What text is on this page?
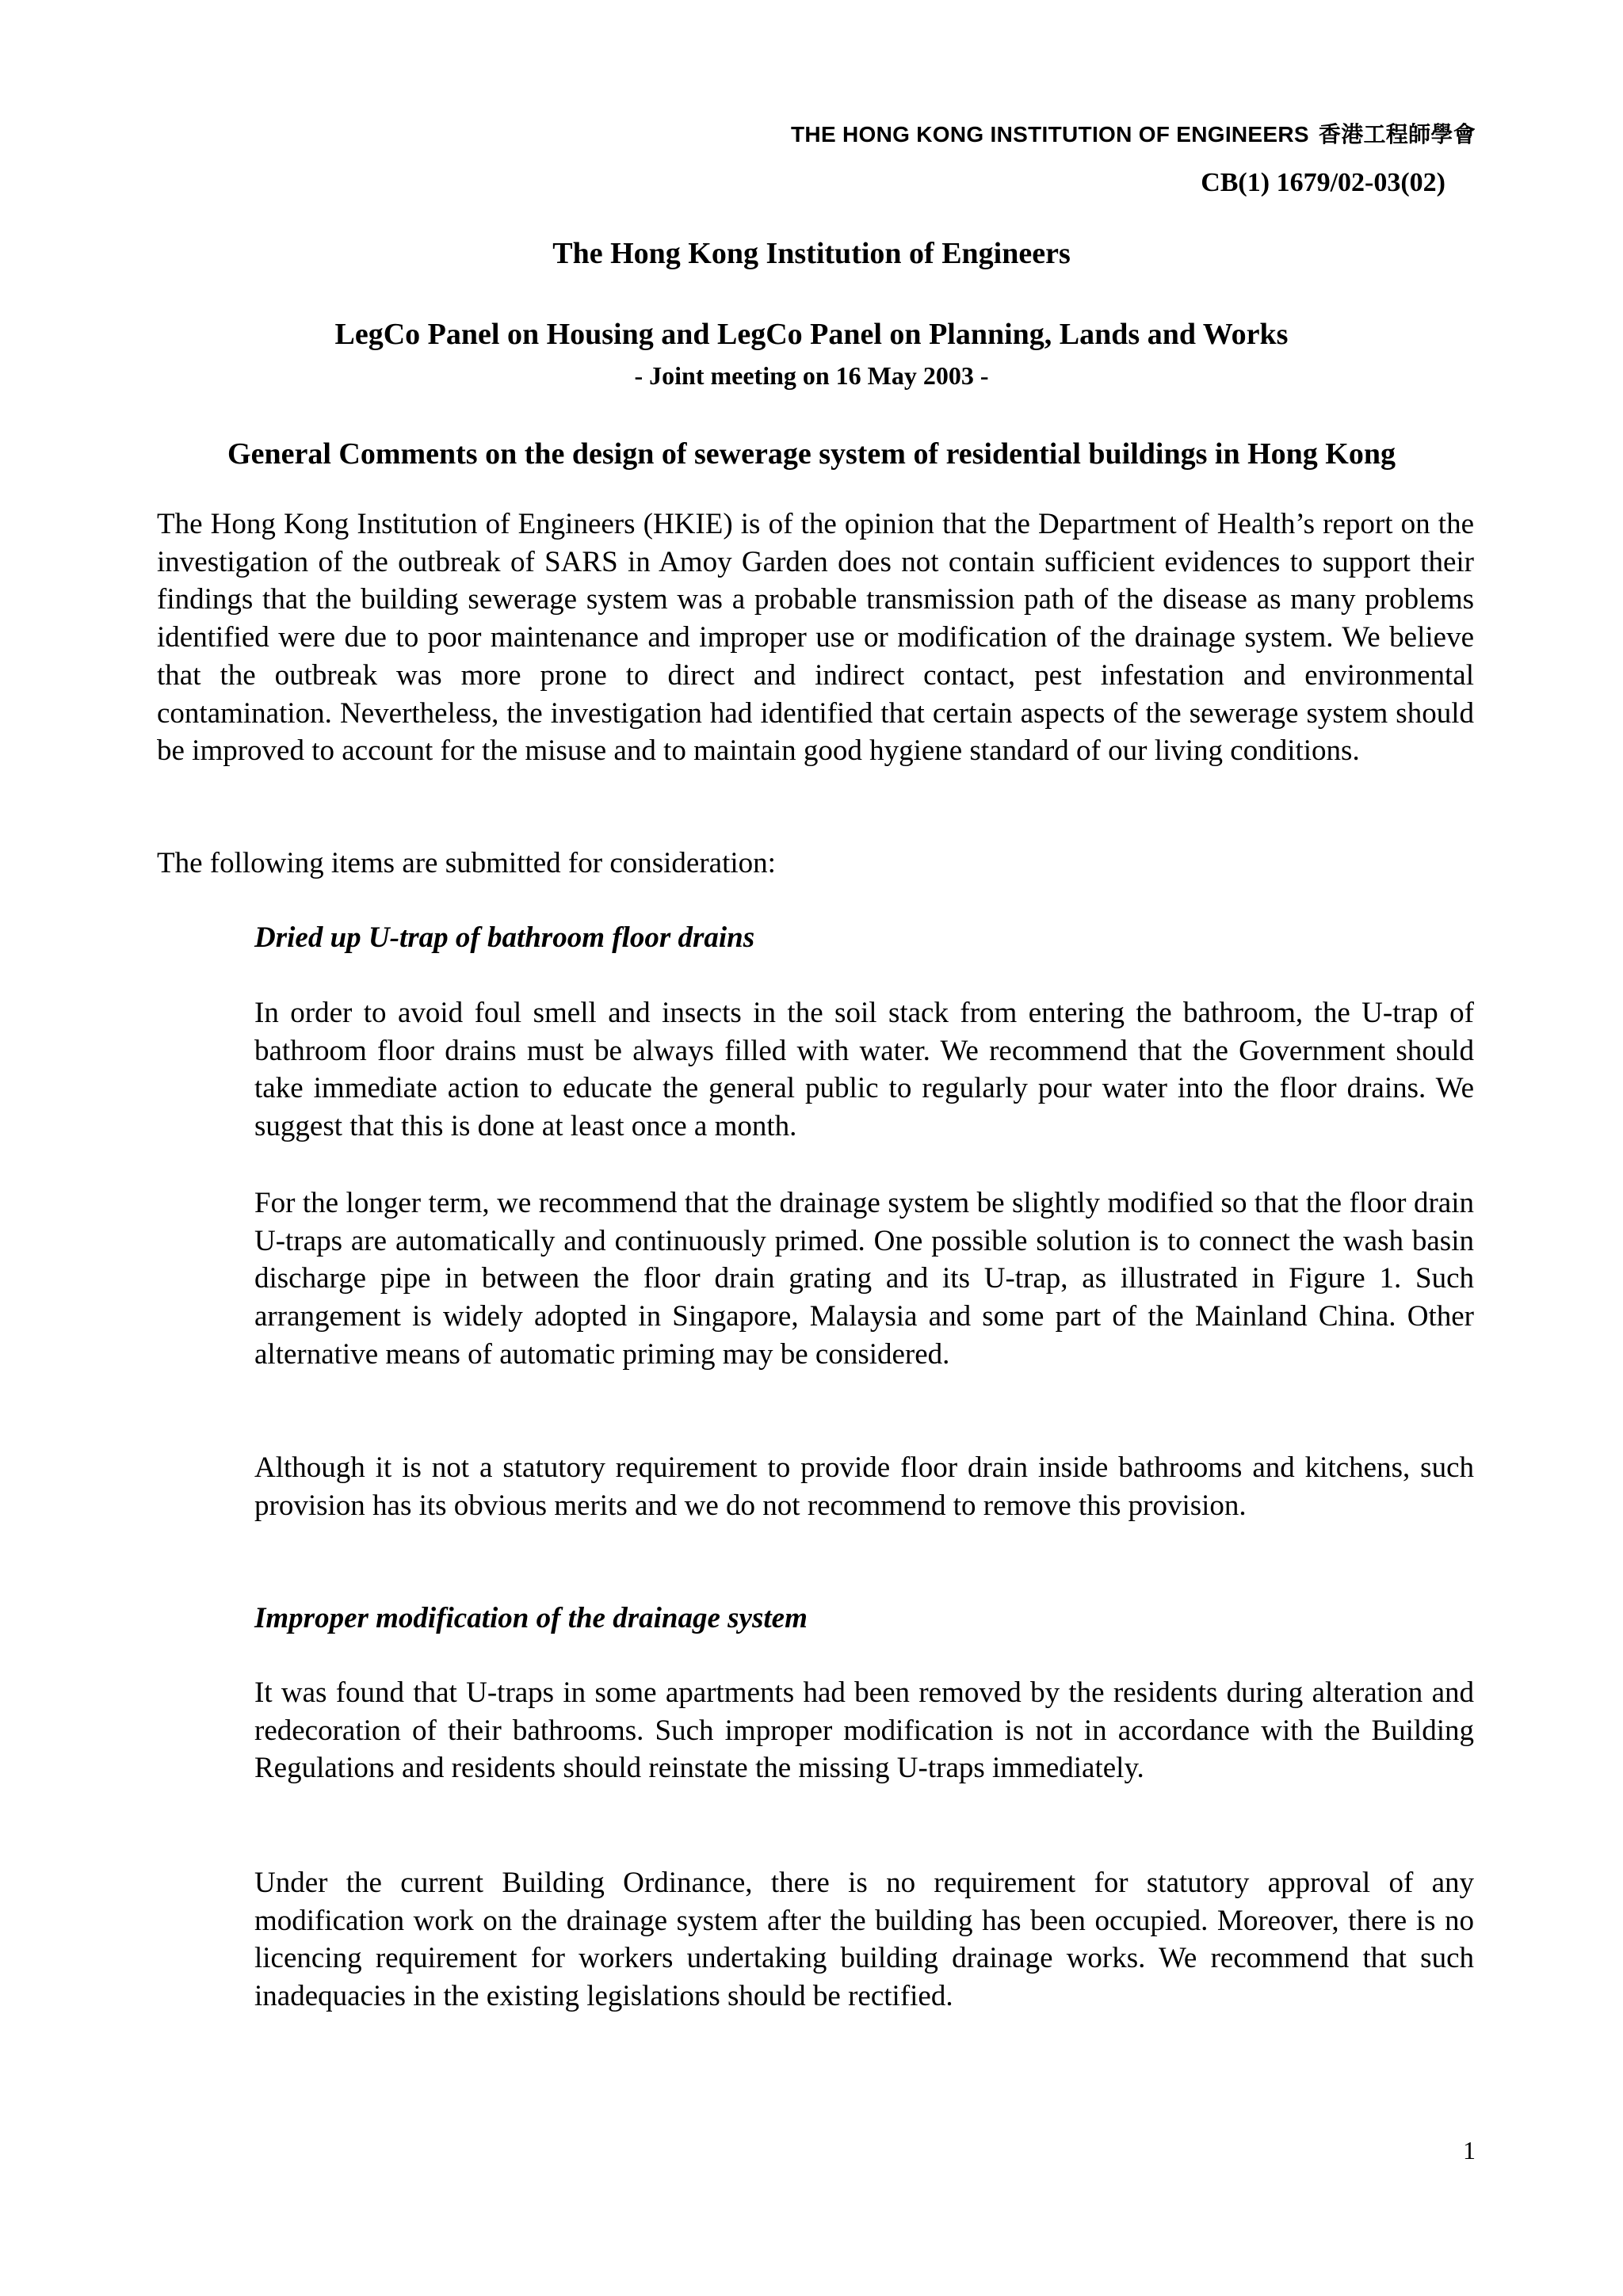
THE HONG KONG INSTITUTION OF ENGINEERS 香港工程師學會
CB(1) 1679/02-03(02)
The Hong Kong Institution of Engineers
LegCo Panel on Housing and LegCo Panel on Planning, Lands and Works
- Joint meeting on 16 May 2003 -
General Comments on the design of sewerage system of residential buildings in Hong Kong
The Hong Kong Institution of Engineers (HKIE) is of the opinion that the Department of Health’s report on the investigation of the outbreak of SARS in Amoy Garden does not contain sufficient evidences to support their findings that the building sewerage system was a probable transmission path of the disease as many problems identified were due to poor maintenance and improper use or modification of the drainage system. We believe that the outbreak was more prone to direct and indirect contact, pest infestation and environmental contamination. Nevertheless, the investigation had identified that certain aspects of the sewerage system should be improved to account for the misuse and to maintain good hygiene standard of our living conditions.
The following items are submitted for consideration:
Dried up U-trap of bathroom floor drains
In order to avoid foul smell and insects in the soil stack from entering the bathroom, the U-trap of bathroom floor drains must be always filled with water. We recommend that the Government should take immediate action to educate the general public to regularly pour water into the floor drains. We suggest that this is done at least once a month.
For the longer term, we recommend that the drainage system be slightly modified so that the floor drain U-traps are automatically and continuously primed. One possible solution is to connect the wash basin discharge pipe in between the floor drain grating and its U-trap, as illustrated in Figure 1. Such arrangement is widely adopted in Singapore, Malaysia and some part of the Mainland China. Other alternative means of automatic priming may be considered.
Although it is not a statutory requirement to provide floor drain inside bathrooms and kitchens, such provision has its obvious merits and we do not recommend to remove this provision.
Improper modification of the drainage system
It was found that U-traps in some apartments had been removed by the residents during alteration and redecoration of their bathrooms. Such improper modification is not in accordance with the Building Regulations and residents should reinstate the missing U-traps immediately.
Under the current Building Ordinance, there is no requirement for statutory approval of any modification work on the drainage system after the building has been occupied. Moreover, there is no licencing requirement for workers undertaking building drainage works. We recommend that such inadequacies in the existing legislations should be rectified.
1
